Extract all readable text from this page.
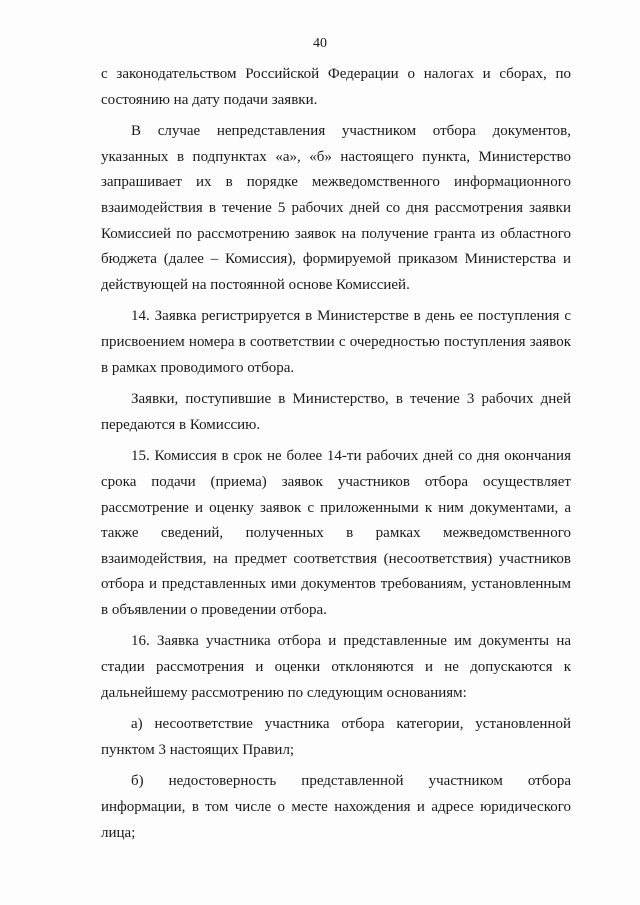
40

с законодательством Российской Федерации о налогах и сборах, по состоянию на дату подачи заявки.

В случае непредставления участником отбора документов, указанных в подпунктах «а», «б» настоящего пункта, Министерство запрашивает их в порядке межведомственного информационного взаимодействия в течение 5 рабочих дней со дня рассмотрения заявки Комиссией по рассмотрению заявок на получение гранта из областного бюджета (далее – Комиссия), формируемой приказом Министерства и действующей на постоянной основе Комиссией.

14. Заявка регистрируется в Министерстве в день ее поступления с присвоением номера в соответствии с очередностью поступления заявок в рамках проводимого отбора.

Заявки, поступившие в Министерство, в течение 3 рабочих дней передаются в Комиссию.

15. Комиссия в срок не более 14-ти рабочих дней со дня окончания срока подачи (приема) заявок участников отбора осуществляет рассмотрение и оценку заявок с приложенными к ним документами, а также сведений, полученных в рамках межведомственного взаимодействия, на предмет соответствия (несоответствия) участников отбора и представленных ими документов требованиям, установленным в объявлении о проведении отбора.

16. Заявка участника отбора и представленные им документы на стадии рассмотрения и оценки отклоняются и не допускаются к дальнейшему рассмотрению по следующим основаниям:

а) несоответствие участника отбора категории, установленной пунктом 3 настоящих Правил;

б) недостоверность представленной участником отбора информации, в том числе о месте нахождения и адресе юридического лица;
